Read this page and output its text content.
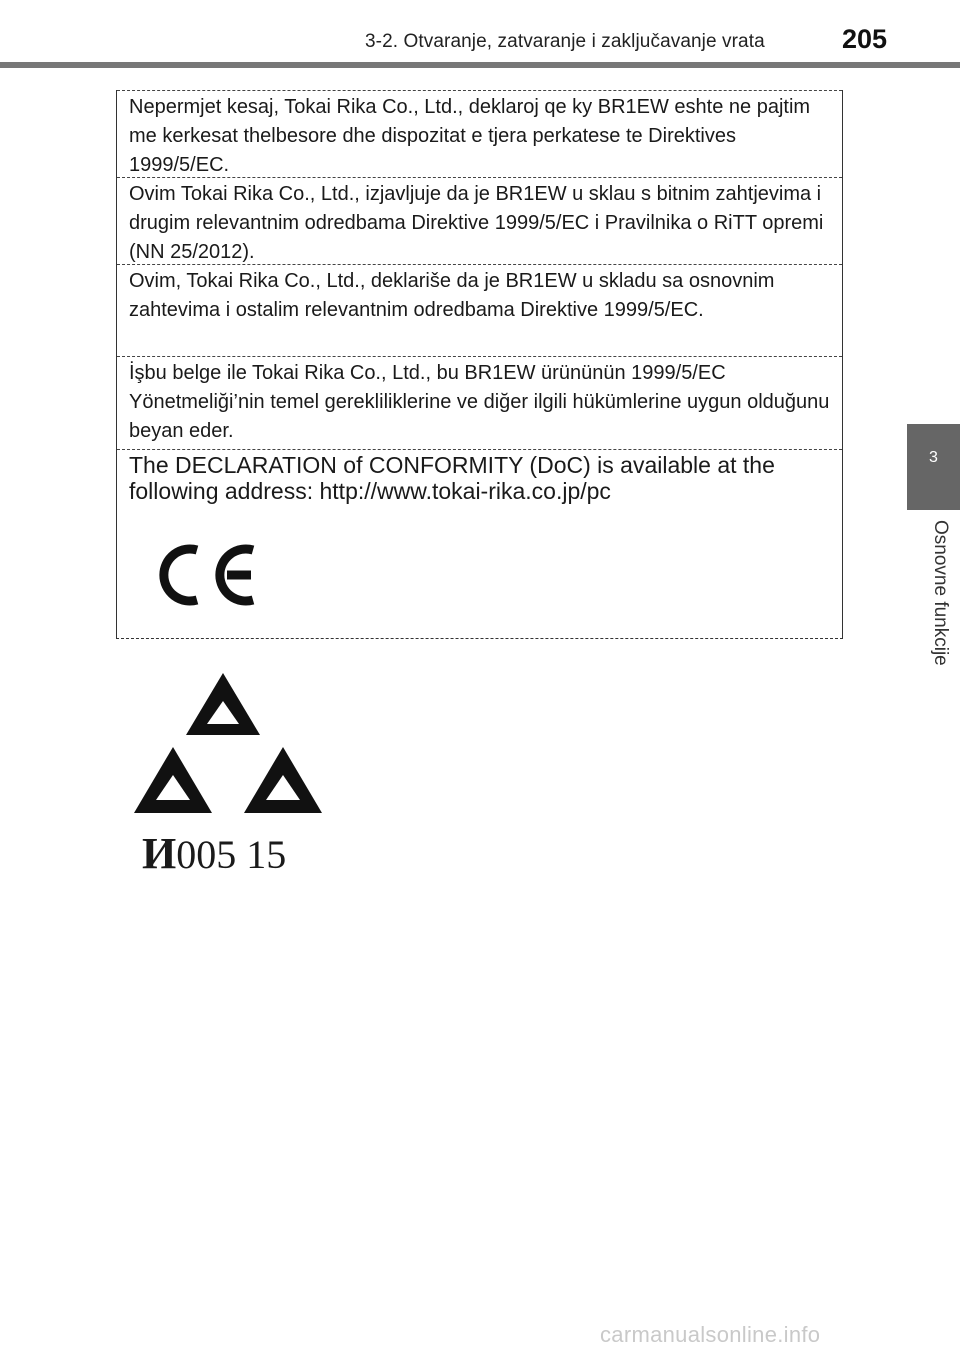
3-2. Otvaranje, zatvaranje i zaključavanje vrata	205
3
Osnovne funkcije
Nepermjet kesaj, Tokai Rika Co., Ltd., deklaroj qe ky BR1EW eshte ne pajtim me kerkesat thelbesore dhe dispozitat e tjera perkatese te Direktives 1999/5/EC.
Ovim Tokai Rika Co., Ltd., izjavljuje da je BR1EW u sklau s bitnim zahtjevima i drugim relevantnim odredbama Direktive 1999/5/EC i Pravilnika o RiTT opremi (NN 25/2012).
Ovim, Tokai Rika Co., Ltd., deklariše da je BR1EW u skladu sa osnovnim zahtevima i ostalim relevantnim odredbama Direktive 1999/5/EC.
İşbu belge ile Tokai Rika Co., Ltd., bu BR1EW ürününün 1999/5/EC Yönetmeliği’nin temel gerekliliklerine ve diğer ilgili hükümlerine uygun olduğunu beyan eder.
The DECLARATION of CONFORMITY (DoC) is available at the following address: http://www.tokai-rika.co.jp/pc
И005 15
carmanualsonline.info
